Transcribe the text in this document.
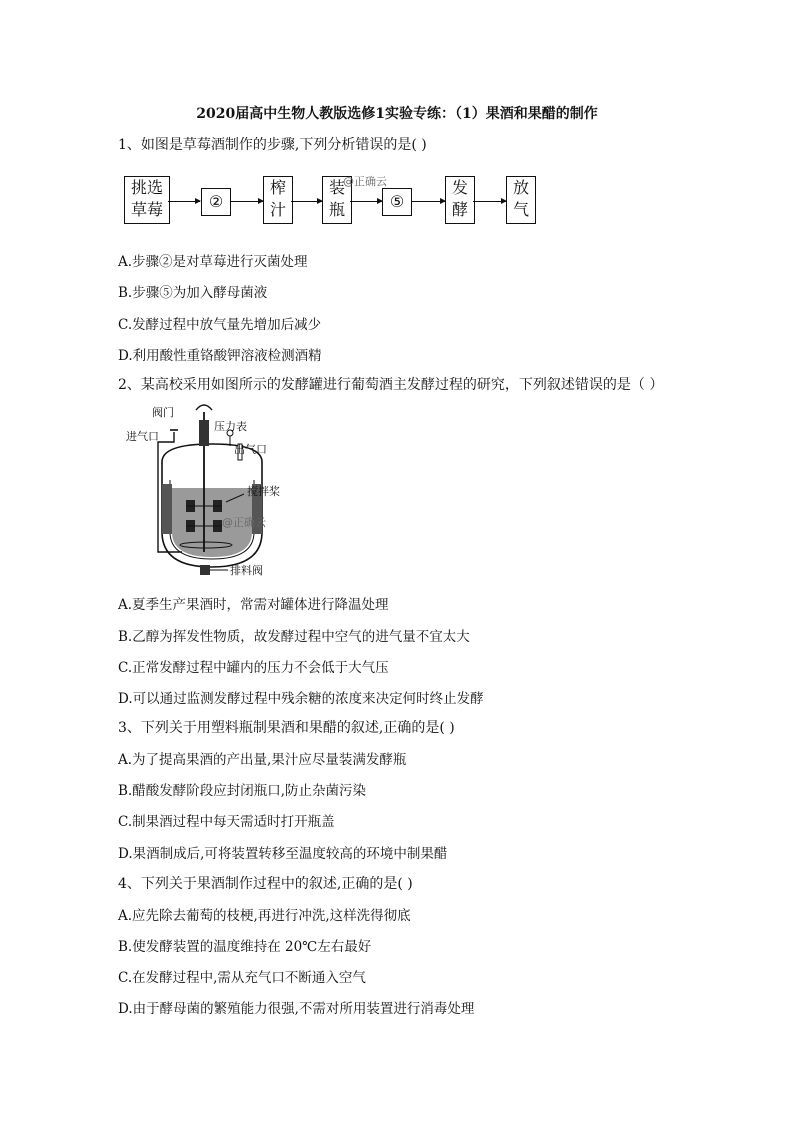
2020届高中生物人教版选修1实验专练：（1）果酒和果醋的制作
1、如图是草莓酒制作的步骤,下列分析错误的是( )
挑选草莓	②
榨汁
装瓶	⑤
发酵
放气
@正确云
A.步骤②是对草莓进行灭菌处理
B.步骤⑤为加入酵母菌液
C.发酵过程中放气量先增加后减少
D.利用酸性重铬酸钾溶液检测酒精
2、某高校采用如图所示的发酵罐进行葡萄酒主发酵过程的研究，下列叙述错误的是（ ）
阀门
进气口
压力表
出气口
搅拌桨
排料阀
@正确云
A.夏季生产果酒时，常需对罐体进行降温处理
B.乙醇为挥发性物质，故发酵过程中空气的进气量不宜太大
C.正常发酵过程中罐内的压力不会低于大气压
D.可以通过监测发酵过程中残余糖的浓度来决定何时终止发酵
3、下列关于用塑料瓶制果酒和果醋的叙述,正确的是( )
A.为了提高果酒的产出量,果汁应尽量装满发酵瓶
B.醋酸发酵阶段应封闭瓶口,防止杂菌污染
C.制果酒过程中每天需适时打开瓶盖
D.果酒制成后,可将装置转移至温度较高的环境中制果醋
4、下列关于果酒制作过程中的叙述,正确的是( )
A.应先除去葡萄的枝梗,再进行冲洗,这样洗得彻底
B.使发酵装置的温度维持在 20℃左右最好
C.在发酵过程中,需从充气口不断通入空气
D.由于酵母菌的繁殖能力很强,不需对所用装置进行消毒处理
